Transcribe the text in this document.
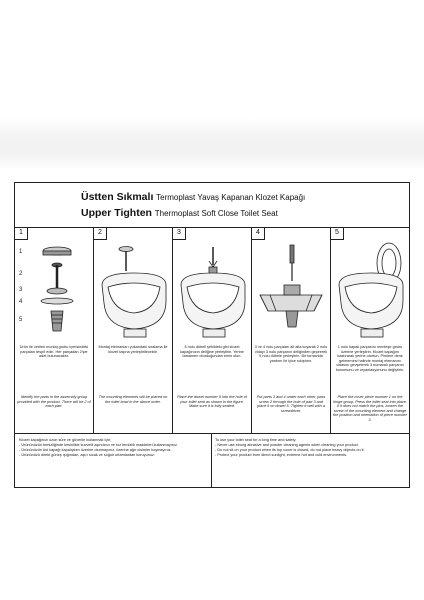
Üstten Sıkmalı Termoplast Yavaş Kapanan Klozet Kapağı
Upper Tighten Thermoplast Soft Close Toilet Seat
1
1
2
3
4
5
Ürün ile verilen montaj grubu içerisindeki parçaları tespit edin. Her parçadan 2'şer adet bulunacaktır.
Identify the parts in the assembly group provided with the product. There will be 2 of each part.
2
Montaj elemanları yukarıdaki sıralama ile klozet taşına yerleştirilecektir.
The mounting elements will be placed on the toilet bowl in the above order.
3
5 nolu dübeli şekildeki gibi klozet kapağınızın deliğine yerleştirin. Yerine tamamen oturduğundan emin olun.
Place the dowel number 5 into the hole of your toilet seat as shown in the figure. Make sure it is fully seated.
4
3 ve 4 nolu parçaları alt alta koyarak 2 nolu vidayı 3 nolu parçanın deliğinden geçirerek 5 nolu dübele yerleştirin. Bir tornavida yardımı ile iyice sıkıştırın.
Put parts 3 and 4 under each other, pass screw 2 through the hole of part 3 and place it on dowel 5. Tighten it well with a screwdriver.
5
1 nolu kapak parçasını menteşe grubu üzerine yerleştirin. Klozet kapağını bastırarak yerine oturtun. Pimlere denk gelmemesi halinde montaj elemanını vidasını gevşeterek 3 numaralı parçanın konumunu ve oryantasyonunu değiştirin.
Place the cover piece number 1 on the hinge group. Press the toilet seat into place. If it does not match the pins, loosen the screw of the mounting element and change the position and orientation of piece number 3.
Klozet kapağınızı uzun süre ve güvenle kullanmak için;
- Ürününüzün temizliğinde kesinlikle kuvvetli aşındırıcı ve toz temizlik maddeleri kullanmayınız.
- Ürününüzün üst kapağı kapalıyken üzerine oturmayınız, üzerine ağır cisimler koymayınız.
- Ürününüzü direkt güneş ışığından, aşırı sıcak ve soğuk ortamlardan koruyunuz.
To use your toilet seat for a long time and safely;
- Never use strong abrasive and powder cleaning agents when cleaning your product.
- Do not sit on your product when its top cover is closed, do not place heavy objects on it.
- Protect your product from direct sunlight, extreme hot and cold environments.
